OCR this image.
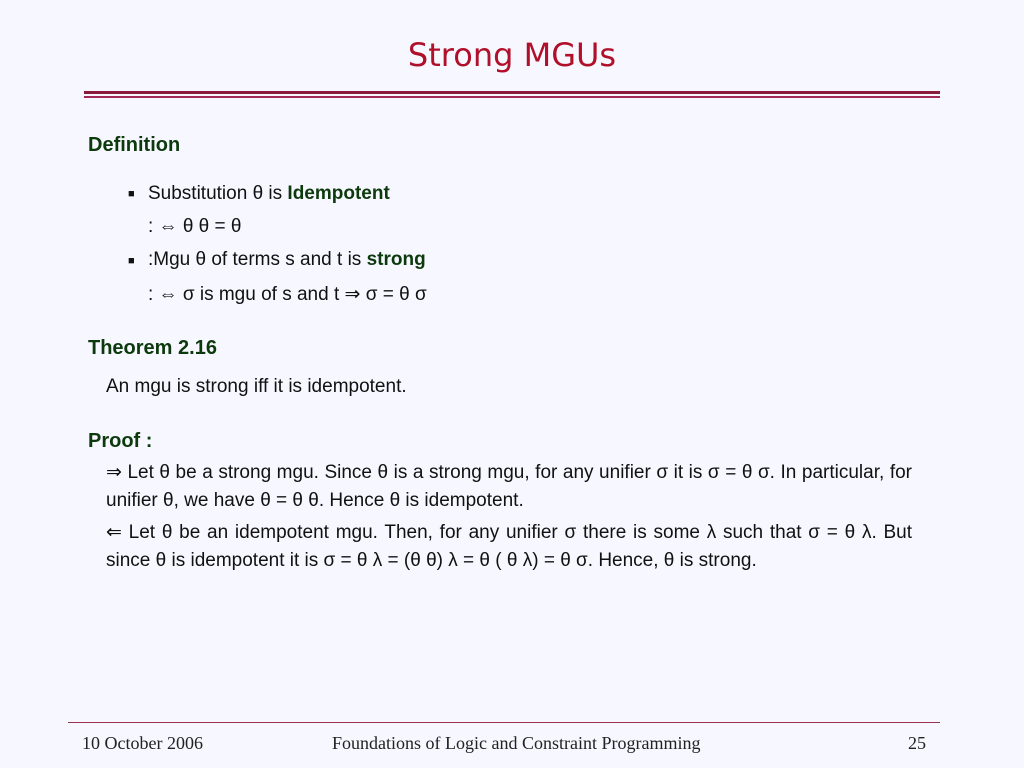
Strong MGUs
Definition
■ Substitution θ is Idempotent
: ⇔ θ θ = θ
■ :Mgu θ of terms s and t is strong
: ⇔ σ is mgu of s and t ⇒ σ = θ σ
Theorem 2.16
An mgu is strong iff it is idempotent.
Proof :
⇒ Let θ be a strong mgu. Since θ is a strong mgu, for any unifier σ it is σ = θ σ. In particular, for unifier θ, we have θ = θ θ. Hence θ is idempotent.
⇐ Let θ be an idempotent mgu. Then, for any unifier σ there is some λ such that σ = θ λ. But since θ is idempotent it is σ = θ λ = (θ θ) λ = θ ( θ λ) = θ σ. Hence, θ is strong.
10 October 2006	Foundations of Logic and Constraint Programming	25
